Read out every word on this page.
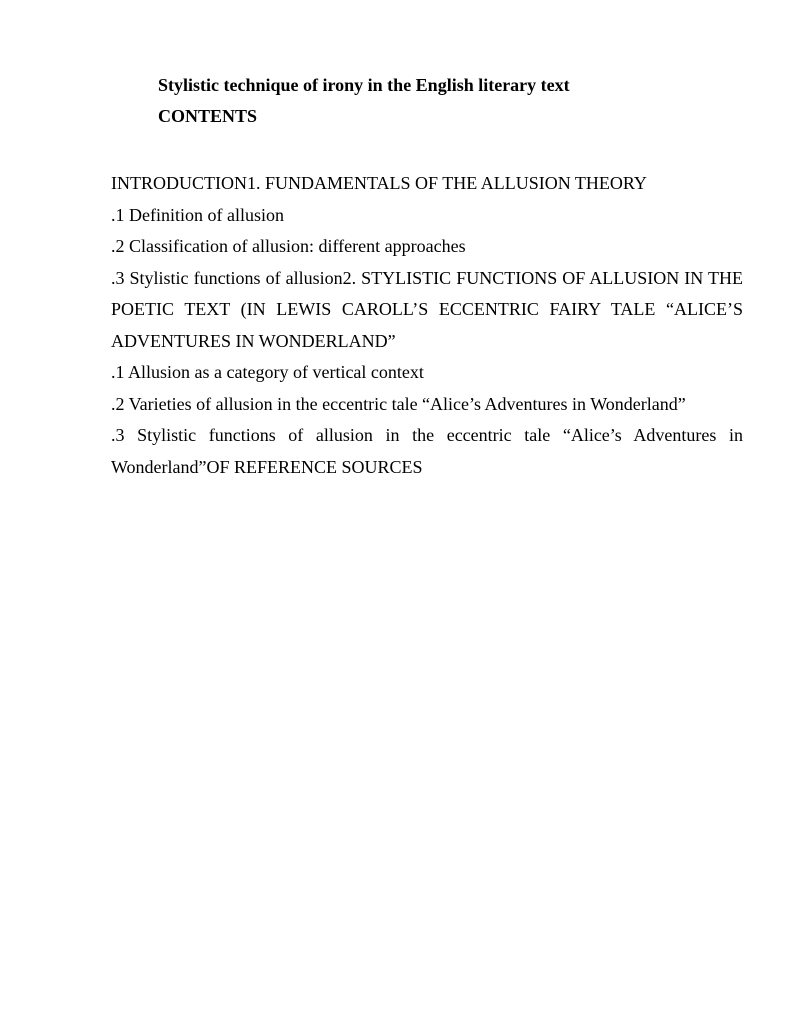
Stylistic technique of irony in the English literary text
CONTENTS
INTRODUCTION1. FUNDAMENTALS OF THE ALLUSION THEORY
.1 Definition of allusion
.2 Classification of allusion: different approaches
.3 Stylistic functions of allusion2. STYLISTIC FUNCTIONS OF ALLUSION IN THE POETIC TEXT (IN LEWIS CAROLL’S ECCENTRIC FAIRY TALE “ALICE’S ADVENTURES IN WONDERLAND”
.1 Allusion as a category of vertical context
.2 Varieties of allusion in the eccentric tale “Alice’s Adventures in Wonderland”
.3 Stylistic functions of allusion in the eccentric tale “Alice’s Adventures in Wonderland”OF REFERENCE SOURCES
